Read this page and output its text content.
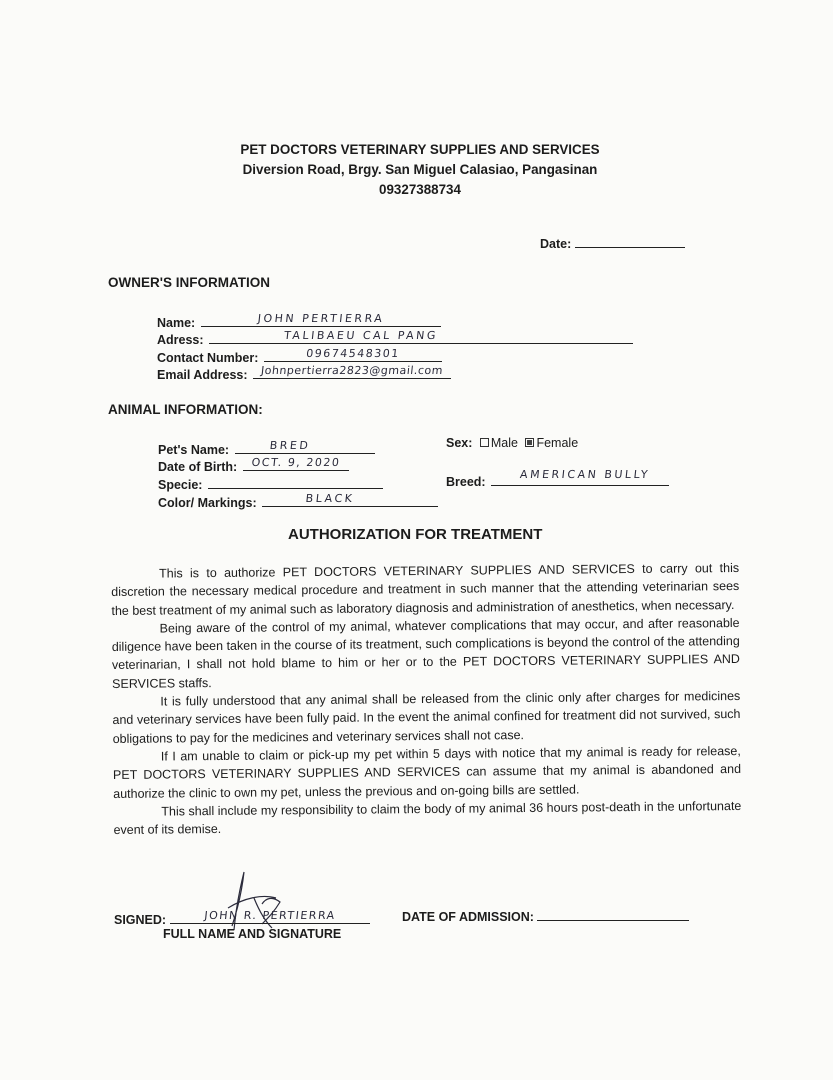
PET DOCTORS VETERINARY SUPPLIES AND SERVICES
Diversion Road, Brgy. San Miguel Calasiao, Pangasinan
09327388734
Date:
OWNER'S INFORMATION
Name:	JOHN PERTIERRA
Adress:	TALIBAEU CAL PANG
Contact Number:	09674548301
Email Address:	Johnpertierra2823@gmail.com
ANIMAL INFORMATION:
Pet's Name:	BRED
Date of Birth:	OCT. 9, 2020
Specie:
Color/ Markings:	BLACK
Sex: Male Female
Breed:
AMERICAN BULLY
AUTHORIZATION FOR TREATMENT

This is to authorize PET DOCTORS VETERINARY SUPPLIES AND SERVICES to carry out this discretion the necessary medical procedure and treatment in such manner that the attending veterinarian sees the best treatment of my animal such as laboratory diagnosis and administration of anesthetics, when necessary.

Being aware of the control of my animal, whatever complications that may occur, and after reasonable diligence have been taken in the course of its treatment, such complications is beyond the control of the attending veterinarian, I shall not hold blame to him or her or to the PET DOCTORS VETERINARY SUPPLIES AND SERVICES staffs.

It is fully understood that any animal shall be released from the clinic only after charges for medicines and veterinary services have been fully paid. In the event the animal confined for treatment did not survived, such obligations to pay for the medicines and veterinary services shall not case.

If I am unable to claim or pick-up my pet within 5 days with notice that my animal is ready for release, PET DOCTORS VETERINARY SUPPLIES AND SERVICES can assume that my animal is abandoned and authorize the clinic to own my pet, unless the previous and on-going bills are settled.

This shall include my responsibility to claim the body of my animal 36 hours post-death in the unfortunate event of its demise.

SIGNED:	JOHN R. PERTIERRA
FULL NAME AND SIGNATURE
DATE OF ADMISSION:
